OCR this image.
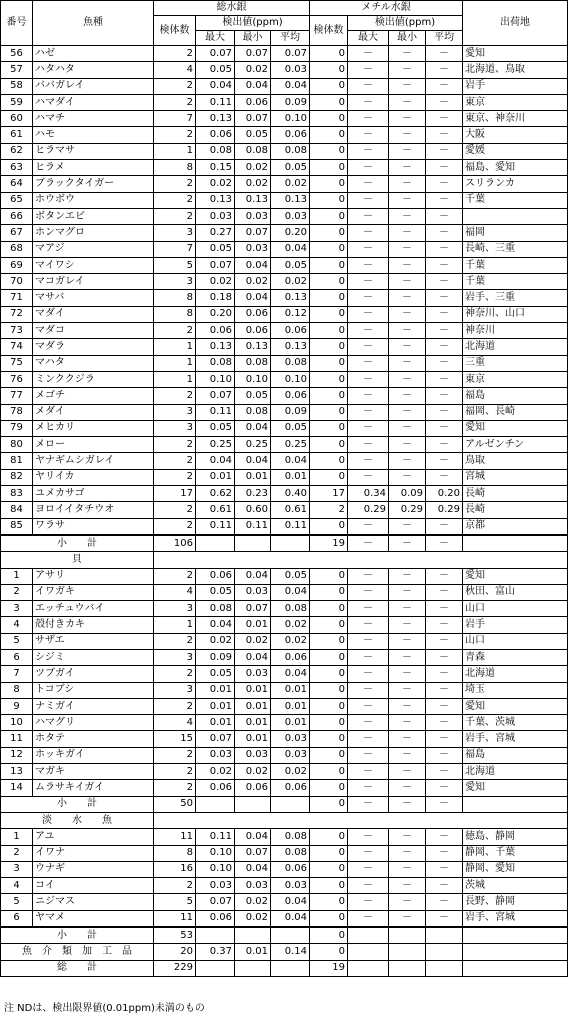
番号	魚種	総水銀				メチル水銀				出荷地
		検体数	検出値(ppm)			検体数	検出値(ppm)			
			最大	最小	平均		最大	最小	平均	
56	ハゼ	2	0.07	0.07	0.07	0	－	－	－	愛知
57	ハタハタ	4	0.05	0.02	0.03	0	－	－	－	北海道、鳥取
58	ババガレイ	2	0.04	0.04	0.04	0	－	－	－	岩手
59	ハマダイ	2	0.11	0.06	0.09	0	－	－	－	東京
60	ハマチ	7	0.13	0.07	0.10	0	－	－	－	東京、神奈川
61	ハモ	2	0.06	0.05	0.06	0	－	－	－	大阪
62	ヒラマサ	1	0.08	0.08	0.08	0	－	－	－	愛媛
63	ヒラメ	8	0.15	0.02	0.05	0	－	－	－	福島、愛知
64	ブラックタイガー	2	0.02	0.02	0.02	0	－	－	－	スリランカ
65	ホウボウ	2	0.13	0.13	0.13	0	－	－	－	千葉
66	ボタンエビ	2	0.03	0.03	0.03	0	－	－	－	
67	ホンマグロ	3	0.27	0.07	0.20	0	－	－	－	福岡
68	マアジ	7	0.05	0.03	0.04	0	－	－	－	長崎、三重
69	マイワシ	5	0.07	0.04	0.05	0	－	－	－	千葉
70	マコガレイ	3	0.02	0.02	0.02	0	－	－	－	千葉
71	マサバ	8	0.18	0.04	0.13	0	－	－	－	岩手、三重
72	マダイ	8	0.20	0.06	0.12	0	－	－	－	神奈川、山口
73	マダコ	2	0.06	0.06	0.06	0	－	－	－	神奈川
74	マダラ	1	0.13	0.13	0.13	0	－	－	－	北海道
75	マハタ	1	0.08	0.08	0.08	0	－	－	－	三重
76	ミンククジラ	1	0.10	0.10	0.10	0	－	－	－	東京
77	メゴチ	2	0.07	0.05	0.06	0	－	－	－	福島
78	メダイ	3	0.11	0.08	0.09	0	－	－	－	福岡、長崎
79	メヒカリ	3	0.05	0.04	0.05	0	－	－	－	愛知
80	メロー	2	0.25	0.25	0.25	0	－	－	－	アルゼンチン
81	ヤナギムシガレイ	2	0.04	0.04	0.04	0	－	－	－	鳥取
82	ヤリイカ	2	0.01	0.01	0.01	0	－	－	－	宮城
83	ユメカサゴ	17	0.62	0.23	0.40	17	0.34	0.09	0.20	長崎
84	ヨロイイタチウオ	2	0.61	0.60	0.61	2	0.29	0.29	0.29	長崎
85	ワラサ	2	0.11	0.11	0.11	0	－	－	－	京都
小　　計		106				19	－	－	－	
貝										
1	アサリ	2	0.06	0.04	0.05	0	－	－	－	愛知
2	イワガキ	4	0.05	0.03	0.04	0	－	－	－	秋田、富山
3	エッチュウバイ	3	0.08	0.07	0.08	0	－	－	－	山口
4	殻付きカキ	1	0.04	0.01	0.02	0	－	－	－	岩手
5	サザエ	2	0.02	0.02	0.02	0	－	－	－	山口
6	シジミ	3	0.09	0.04	0.06	0	－	－	－	青森
7	ツブガイ	2	0.05	0.03	0.04	0	－	－	－	北海道
8	トコブシ	3	0.01	0.01	0.01	0	－	－	－	埼玉
9	ナミガイ	2	0.01	0.01	0.01	0	－	－	－	愛知
10	ハマグリ	4	0.01	0.01	0.01	0	－	－	－	千葉、茨城
11	ホタテ	15	0.07	0.01	0.03	0	－	－	－	岩手、宮城
12	ホッキガイ	2	0.03	0.03	0.03	0	－	－	－	福島
13	マガキ	2	0.02	0.02	0.02	0	－	－	－	北海道
14	ムラサキイガイ	2	0.06	0.06	0.06	0	－	－	－	愛知
小　　計		50				0	－	－	－	
淡　　水　　魚										
1	アユ	11	0.11	0.04	0.08	0	－	－	－	徳島、静岡
2	イワナ	8	0.10	0.07	0.08	0	－	－	－	静岡、千葉
3	ウナギ	16	0.10	0.04	0.06	0	－	－	－	静岡、愛知
4	コイ	2	0.03	0.03	0.03	0	－	－	－	茨城
5	ニジマス	5	0.07	0.02	0.04	0	－	－	－	長野、静岡
6	ヤマメ	11	0.06	0.02	0.04	0	－	－	－	岩手、宮城
小　　計		53				0				
魚　介　類　加　工　品		20	0.37	0.01	0.14	0				
総　　計		229				19				
注 NDは、検出限界値(0.01ppm)未満のもの
